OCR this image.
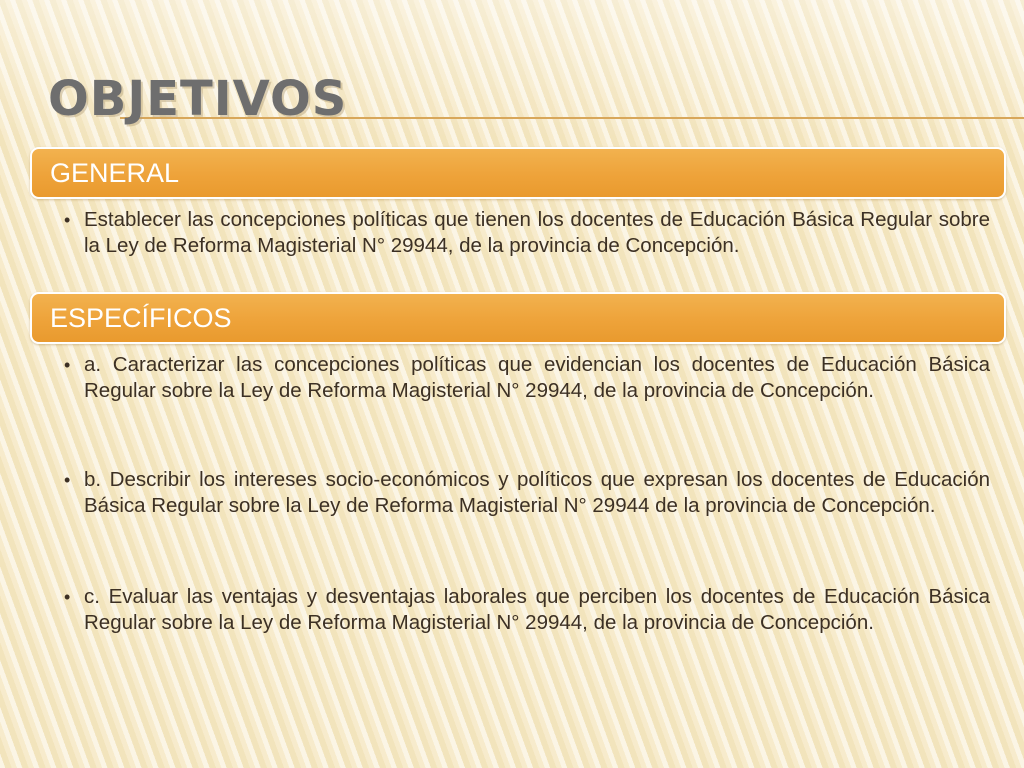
OBJETIVOS
GENERAL
• Establecer las concepciones políticas que tienen los docentes de Educación Básica Regular sobre la Ley de Reforma Magisterial N° 29944, de la provincia de Concepción.
ESPECÍFICOS
• a. Caracterizar las concepciones políticas que evidencian los docentes de Educación Básica Regular sobre la Ley de Reforma Magisterial N° 29944, de la provincia de Concepción.
• b. Describir los intereses socio-económicos y políticos que expresan los docentes de Educación Básica Regular sobre la Ley de Reforma Magisterial N° 29944 de la provincia de Concepción.
• c. Evaluar las ventajas y desventajas laborales que perciben los docentes de Educación Básica Regular sobre la Ley de Reforma Magisterial N° 29944, de la provincia de Concepción.
